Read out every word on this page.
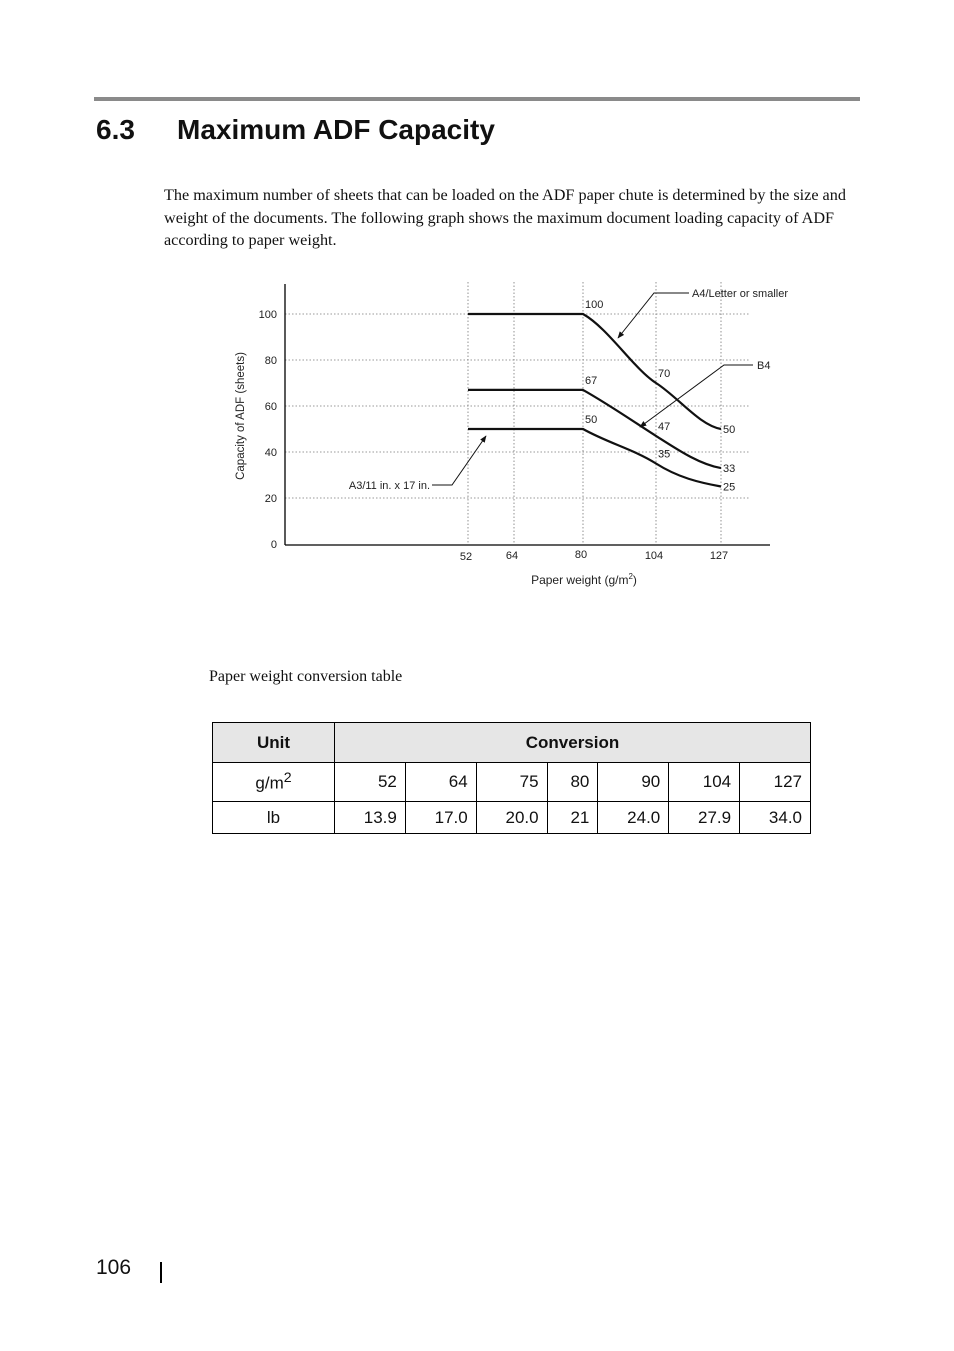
6.3 Maximum ADF Capacity

The maximum number of sheets that can be loaded on the ADF paper chute is determined by the size and weight of the documents. The following graph shows the maximum document loading capacity of ADF according to paper weight.

0
20
40
60
80
100
52	64	80	104	127
100
70
50
67
47
33
50
35
25
A4/Letter or smaller
B4
A3/11 in. x 17 in.
Capacity of ADF (sheets)
Paper weight $(g/m^2)$

Paper weight conversion table

Unit	Conversion						
$g/m^2$	52	64	75	80	90	104	127
lb	13.9	17.0	20.0	21	24.0	27.9	34.0
106
